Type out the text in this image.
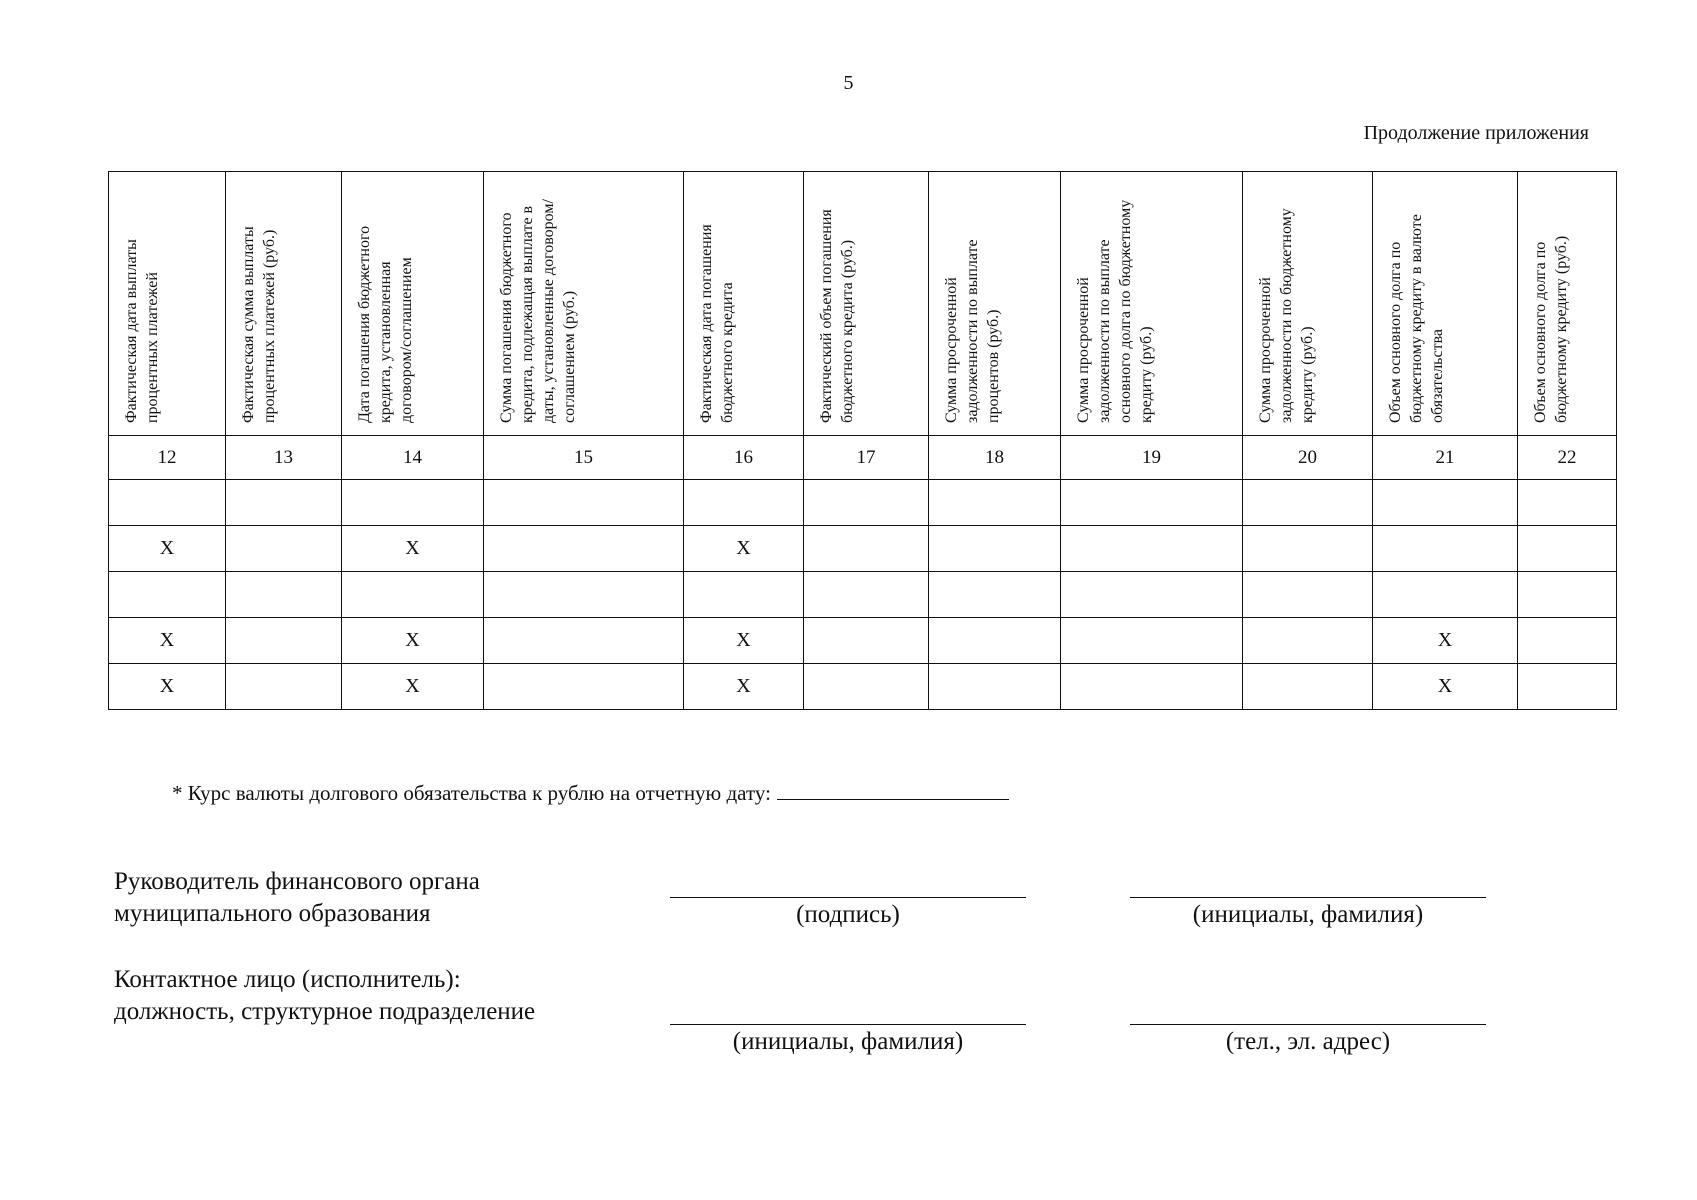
5
Продолжение приложения
Фактическая дата выплаты процентных платежей	Фактическая сумма выплаты процентных платежей (руб.)	Дата погашения бюджетного кредита, установленная договором/соглашением	Сумма погашения бюджетного кредита, подлежащая выплате в даты, установленные договором/соглашением (руб.)	Фактическая дата погашения бюджетного кредита	Фактический объем погашения бюджетного кредита (руб.)	Сумма просроченной задолженности по выплате процентов (руб.)	Сумма просроченной задолженности по выплате основного долга по бюджетному кредиту (руб.)	Сумма просроченной задолженности по бюджетному кредиту (руб.)	Объем основного долга по бюджетному кредиту в валюте обязательства	Объем основного долга по бюджетному кредиту (руб.)

12	13	14	15	16	17	18	19	20	21	22

X		X		X						

X		X		X					X	
X		X		X					X	
* Курс валюты долгового обязательства к рублю на отчетную дату:
Руководитель финансового органа
муниципального образования	(подпись)	(инициалы, фамилия)
Контактное лицо (исполнитель):
должность, структурное подразделение
(инициалы, фамилия)	(тел., эл. адрес)
